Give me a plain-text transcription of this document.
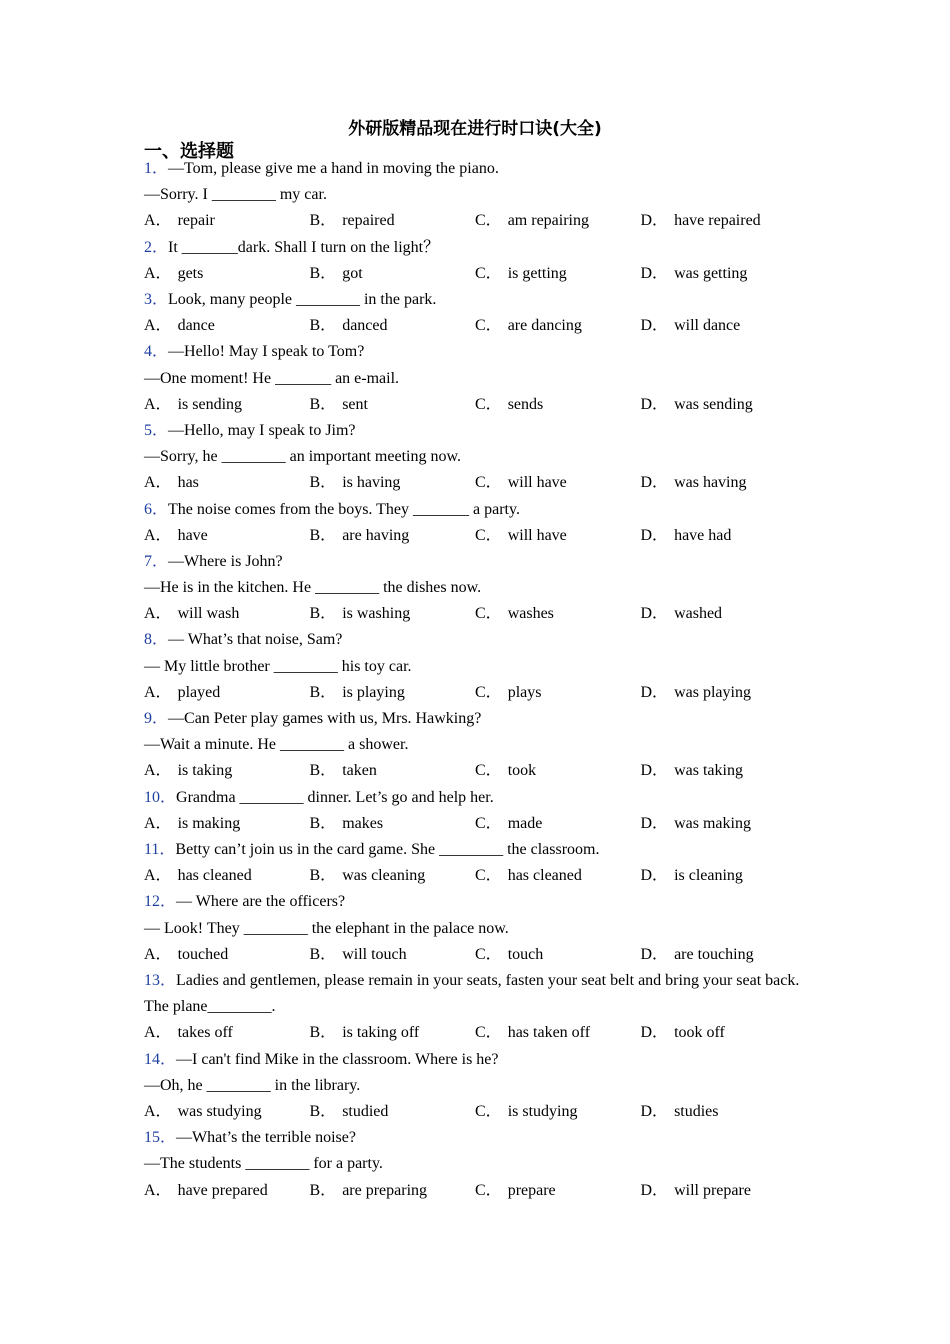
外研版精品现在进行时口诀(大全)
一、选择题
1．—Tom, please give me a hand in moving the piano.
—Sorry. I ________ my car.
A． repair	B． repaired	C． am repairing	D． have repaired
2．It _______dark. Shall I turn on the light？
A． gets	B． got	C． is getting	D． was getting
3．Look, many people ________ in the park.
A． dance	B． danced	C． are dancing	D． will dance
4．—Hello! May I speak to Tom?
—One moment! He _______ an e-mail.
A． is sending	B． sent	C． sends	D． was sending
5．—Hello, may I speak to Jim?
—Sorry, he ________ an important meeting now.
A． has	B． is having	C． will have	D． was having
6．The noise comes from the boys. They _______ a party.
A． have	B． are having	C． will have	D． have had
7．—Where is John?
—He is in the kitchen. He ________ the dishes now.
A． will wash	B． is washing	C． washes	D． washed
8．— What’s that noise, Sam?
— My little brother ________ his toy car.
A． played	B． is playing	C． plays	D． was playing
9．—Can Peter play games with us, Mrs. Hawking?
—Wait a minute. He ________ a shower.
A． is taking	B． taken	C． took	D． was taking
10．Grandma ________ dinner. Let’s go and help her.
A． is making	B． makes	C． made	D． was making
11．Betty can’t join us in the card game. She ________ the classroom.
A． has cleaned	B． was cleaning	C． has cleaned	D． is cleaning
12．— Where are the officers?
— Look! They ________ the elephant in the palace now.
A． touched	B． will touch	C． touch	D． are touching
13．Ladies and gentlemen, please remain in your seats, fasten your seat belt and bring your seat back. The plane________.
A． takes off	B． is taking off	C． has taken off	D． took off
14．—I can't find Mike in the classroom. Where is he?
—Oh, he ________ in the library.
A． was studying	B． studied	C． is studying	D． studies
15．—What’s the terrible noise?
—The students ________ for a party.
A． have prepared	B． are preparing	C． prepare	D． will prepare
